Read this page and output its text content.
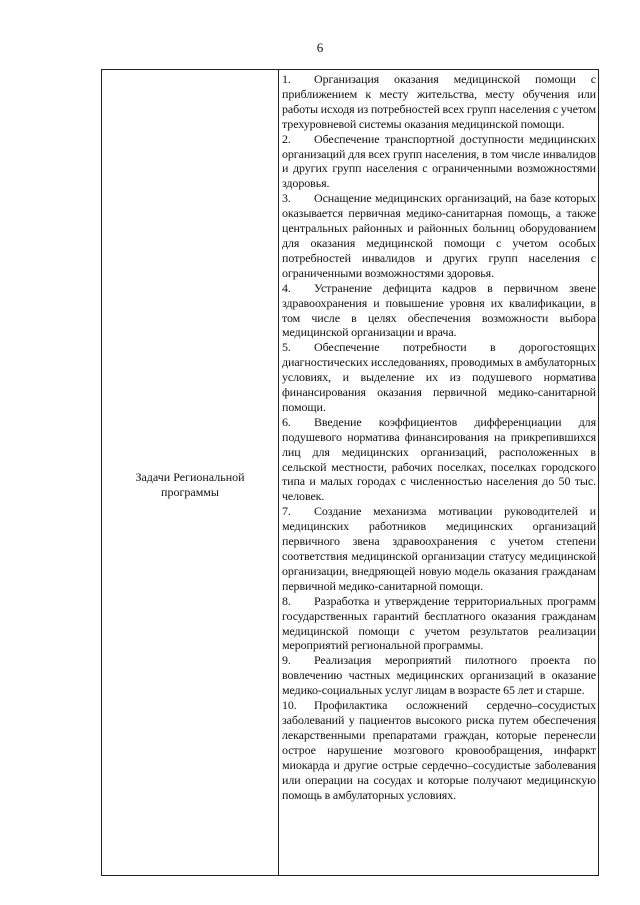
6
Задачи Региональной программы	
1. Организация оказания медицинской помощи с приближением к месту жительства, месту обучения или работы исходя из потребностей всех групп населения с учетом трехуровневой системы оказания медицинской помощи.
2. Обеспечение транспортной доступности медицинских организаций для всех групп населения, в том числе инвалидов и других групп населения с ограниченными возможностями здоровья.
3. Оснащение медицинских организаций, на базе которых оказывается первичная медико-санитарная помощь, а также центральных районных и районных больниц оборудованием для оказания медицинской помощи с учетом особых потребностей инвалидов и других групп населения с ограниченными возможностями здоровья.
4. Устранение дефицита кадров в первичном звене здравоохранения и повышение уровня их квалификации, в том числе в целях обеспечения возможности выбора медицинской организации и врача.
5. Обеспечение потребности в дорогостоящих диагностических исследованиях, проводимых в амбулаторных условиях, и выделение их из подушевого норматива финансирования оказания первичной медико-санитарной помощи.
6. Введение коэффициентов дифференциации для подушевого норматива финансирования на прикрепившихся лиц для медицинских организаций, расположенных в сельской местности, рабочих поселках, поселках городского типа и малых городах с численностью населения до 50 тыс. человек.
7. Создание механизма мотивации руководителей и медицинских работников медицинских организаций первичного звена здравоохранения с учетом степени соответствия медицинской организации статусу медицинской организации, внедряющей новую модель оказания гражданам первичной медико-санитарной помощи.
8. Разработка и утверждение территориальных программ государственных гарантий бесплатного оказания гражданам медицинской помощи с учетом результатов реализации мероприятий региональной программы.
9. Реализация мероприятий пилотного проекта по вовлечению частных медицинских организаций в оказание медико-социальных услуг лицам в возрасте 65 лет и старше.
10. Профилактика осложнений сердечно–сосудистых заболеваний у пациентов высокого риска путем обеспечения лекарственными препаратами граждан, которые перенесли острое нарушение мозгового кровообращения, инфаркт миокарда и другие острые сердечно–сосудистые заболевания или операции на сосудах и которые получают медицинскую помощь в амбулаторных условиях.
